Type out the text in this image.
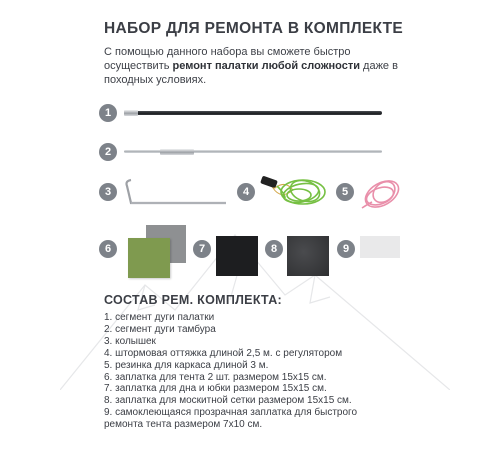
НАБОР ДЛЯ РЕМОНТА В КОМПЛЕКТЕ
С помощью данного набора вы сможете быстро осуществить ремонт палатки любой сложности даже в походных условиях.
1
2
3	4	5
6	7	8	9
СОСТАВ РЕМ. КОМПЛЕКТА:
1. сегмент дуги палатки
2. сегмент дуги тамбура
3. колышек
4. штормовая оттяжка длиной 2,5 м. с регулятором
5. резинка для каркаса длиной 3 м.
6. заплатка для тента 2 шт. размером 15х15 см.
7. заплатка для дна и юбки размером 15х15 см.
8. заплатка для москитной сетки размером 15х15 см.
9. самоклеющаяся прозрачная заплатка для быстрого ремонта тента размером 7х10 см.
